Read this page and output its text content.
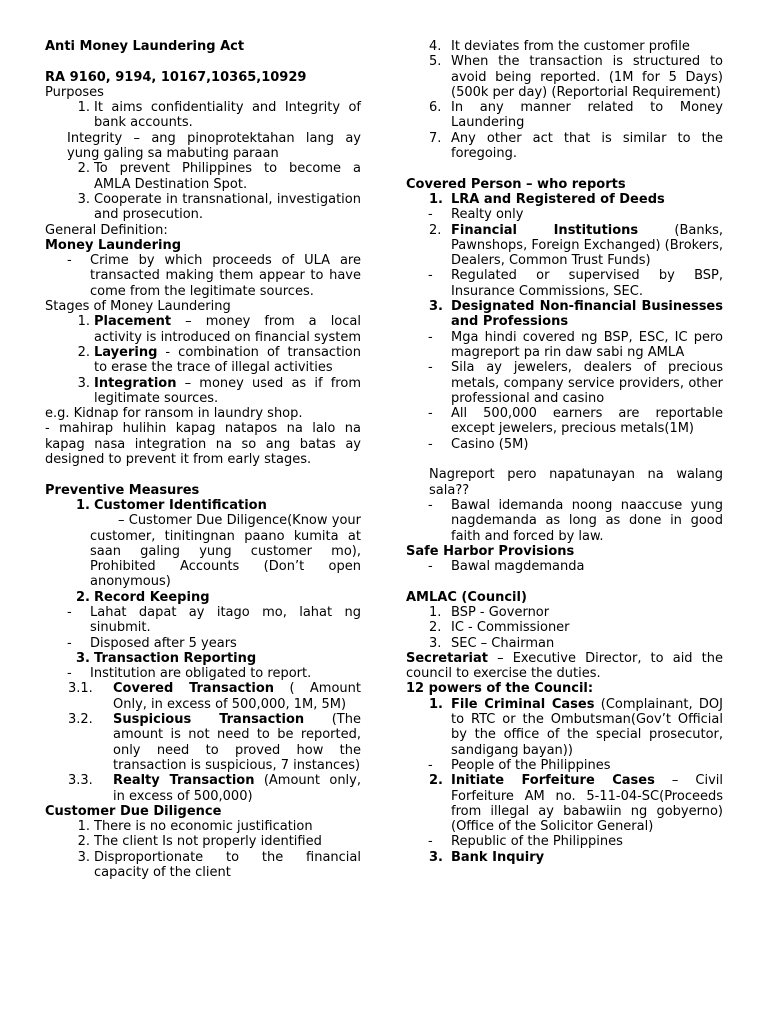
Anti Money Laundering Act
RA 9160, 9194, 10167,10365,10929
Purposes
1. It aims confidentiality and Integrity of bank accounts.
Integrity – ang pinoprotektahan lang ay yung galing sa mabuting paraan
2. To prevent Philippines to become a AMLA Destination Spot.
3. Cooperate in transnational, investigation and prosecution.
General Definition:
Money Laundering
-	Crime by which proceeds of ULA are transacted making them appear to have come from the legitimate sources.
Stages of Money Laundering
1. Placement – money from a local activity is introduced on financial system
2. Layering - combination of transaction to erase the trace of illegal activities
3. Integration – money used as if from legitimate sources.
e.g. Kidnap for ransom in laundry shop.
- mahirap hulihin kapag natapos na lalo na kapag nasa integration na so ang batas ay designed to prevent it from early stages.
Preventive Measures
1. Customer Identification
– Customer Due Diligence(Know your customer, tinitingnan paano kumita at saan galing yung customer mo), Prohibited Accounts (Don’t open anonymous)
2. Record Keeping
-	Lahat dapat ay itago mo, lahat ng sinubmit.
-	Disposed after 5 years
3. Transaction Reporting
-	Institution are obligated to report.
3.1.	Covered Transaction ( Amount Only, in excess of 500,000, 1M, 5M)
3.2.	Suspicious Transaction (The amount is not need to be reported, only need to proved how the transaction is suspicious, 7 instances)
3.3.	Realty Transaction (Amount only, in excess of 500,000)
Customer Due Diligence
1. There is no economic justification
2. The client Is not properly identified
3. Disproportionate to the financial capacity of the client
4. It deviates from the customer profile
5. When the transaction is structured to avoid being reported. (1M for 5 Days) (500k per day) (Reportorial Requirement)
6. In any manner related to Money Laundering
7. Any other act that is similar to the foregoing.
Covered Person – who reports
1. LRA and Registered of Deeds
-	Realty only
2. Financial Institutions (Banks, Pawnshops, Foreign Exchanged) (Brokers, Dealers, Common Trust Funds)
-	Regulated or supervised by BSP, Insurance Commissions, SEC.
3. Designated Non-financial Businesses and Professions
-	Mga hindi covered ng BSP, ESC, IC pero magreport pa rin daw sabi ng AMLA
-	Sila ay jewelers, dealers of precious metals, company service providers, other professional and casino
-	All 500,000 earners are reportable except jewelers, precious metals(1M)
-	Casino (5M)
Nagreport pero napatunayan na walang sala??
-	Bawal idemanda noong naaccuse yung nagdemanda as long as done in good faith and forced by law.
Safe Harbor Provisions
-	Bawal magdemanda
AMLAC (Council)
1. BSP - Governor
2. IC - Commissioner
3. SEC – Chairman
Secretariat – Executive Director, to aid the council to exercise the duties.
12 powers of the Council:
1. File Criminal Cases (Complainant, DOJ to RTC or the Ombutsman(Gov’t Official by the office of the special prosecutor, sandigang bayan))
-	People of the Philippines
2. Initiate Forfeiture Cases – Civil Forfeiture AM no. 5-11-04-SC(Proceeds from illegal ay babawiin ng gobyerno)(Office of the Solicitor General)
-	Republic of the Philippines
3. Bank Inquiry
